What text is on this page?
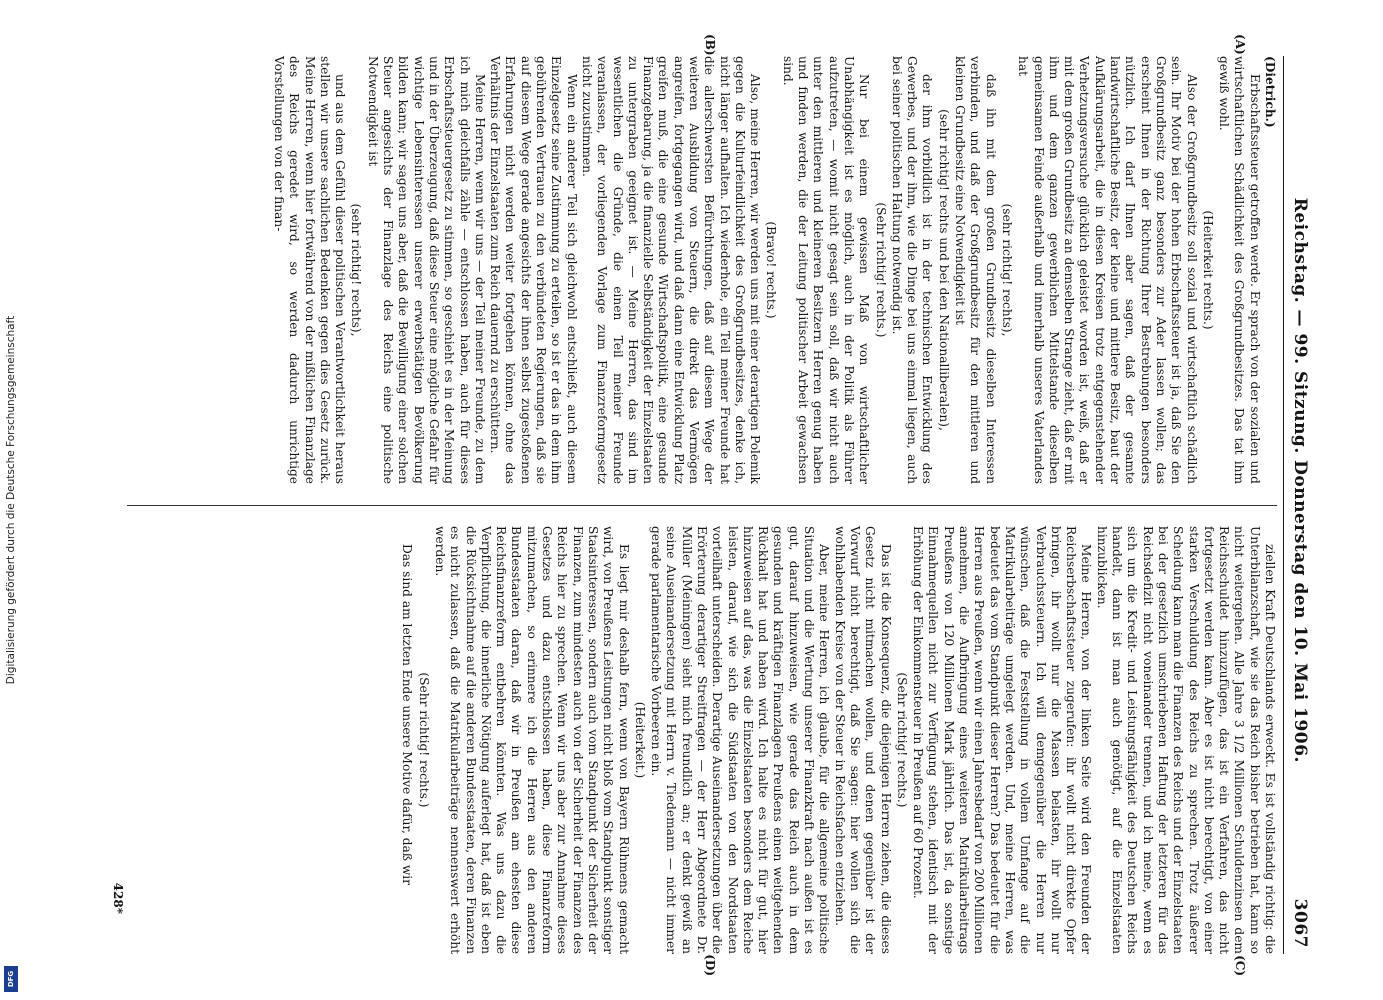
Digitalisierung gefördert durch die Deutsche Forschungsgemeinschaft
DFG
Reichstag. — 99. Sitzung. Donnerstag den 10. Mai 1906.
3067
(A)
(B)

(Dietrich.)

Erbschaftssteuer getroffen werde. Er sprach von der sozialen und wirtschaftlichen Schädlichkeit des Großgrundbesitzes. Das tat ihm gewiß wohl.

(Heiterkeit rechts.)

Also der Großgrundbesitz soll sozial und wirtschaftlich schädlich sein. Ihr Motiv bei der hohen Erbschaftssteuer ist ja, daß Sie den Großgrundbesitz ganz besonders zur Ader lassen wollen; das erscheint Ihnen in der Richtung Ihrer Bestrebungen besonders nützlich. Ich darf Ihnen aber sagen, daß der gesamte landwirtschaftliche Besitz, der kleine und mittlere Besitz, baut der Aufklärungsarbeit, die in diesen Kreisen trotz entgegenstehender Verhetzungsversuche glücklich geleistet worden ist, weiß, daß er mit dem großen Grundbesitz an demselben Strange zieht, daß er mit ihm und dem ganzen gewerblichen Mittelstande dieselben gemeinsamen Feinde außerhalb und innerhalb unseres Vaterlandes hat

(sehr richtig! rechts),

daß ihn mit dem großen Grundbesitz dieselben Interessen verbinden, und daß der Großgrundbesitz für den mittleren und kleinen Grundbesitz eine Notwendigkeit ist

(sehr richtig! rechts und bei den Nationalliberalen),

der ihm vorbildlich ist in der technischen Entwicklung des Gewerbes, und der ihm, wie die Dinge bei uns einmal liegen, auch bei seiner politischen Haltung notwendig ist.

(Sehr richtig! rechts.)

Nur bei einem gewissen Maß von wirtschaftlicher Unabhängigkeit ist es möglich, auch in der Politik als Führer aufzutreten, — womit nicht gesagt sein soll, daß wir nicht auch unter den mittleren und kleineren Besitzern Herren genug haben und finden werden, die der Leitung politischer Arbeit gewachsen sind.

(Bravo! rechts.)

Also, meine Herren, wir werden uns mit einer derartigen Polemik gegen die Kulturfeindlichkeit des Großgrundbesitzes, denke ich, nicht länger aufhalten. Ich wiederhole, ein Teil meiner Freunde hat die allerschwersten Befürchtungen, daß auf diesem Wege der weiteren Ausbildung von Steuern, die direkt das Vermögen angreifen, fortgegangen wird, und daß dann eine Entwicklung Platz greifen muß, die eine gesunde Wirtschaftspolitik, eine gesunde Finanzgebarung, ja die finanzielle Selbständigkeit der Einzelstaaten zu untergraben geeignet ist. — Meine Herren, das sind im wesentlichen die Gründe, die einen Teil meiner Freunde veranlassen, der vorliegenden Vorlage zum Finanzreformgesetz nicht zuzustimmen.

Wenn ein anderer Teil sich gleichwohl entschließt, auch diesem Einzelgesetz seine Zustimmung zu erteilen, so ist er das in dem ihm gebührenden Vertrauen zu den verbündeten Regierungen, daß sie auf diesem Wege gerade angesichts der ihnen selbst zugestoßenen Erfahrungen nicht werden weiter fortgehen können, ohne das Verhältnis der Einzelstaaten zum Reich dauernd zu erschüttern.

Meine Herren, wenn wir uns — der Teil meiner Freunde, zu dem ich mich gleichfalls zähle — entschlossen haben, auch für dieses Erbschaftssteuergesetz zu stimmen, so geschieht es in der Meinung und in der Überzeugung, daß diese Steuer eine mögliche Gefahr für wichtige Lebensinteressen unserer erwerbstätigen Bevölkerung bilden kann; wir sagen uns aber, daß die Bewilligung einer solchen Steuer angesichts der Finanzlage des Reichs eine politische Notwendigkeit ist

(sehr richtig! rechts),

und aus dem Gefühl dieser politischen Verantwortlichkeit heraus stellen wir unsere sachlichen Bedenken gegen dies Gesetz zurück. Meine Herren, wenn hier fortwährend von der mißlichen Finanzlage des Reichs geredet wird, so werden dadurch unrichtige Vorstellungen von der finan-

(C)
(D)

ziellen Kraft Deutschlands erweckt. Es ist vollständig richtig: die Unterbilanzschaft, wie sie das Reich bisher betrieben hat, kann so nicht weitergehen. Alle Jahre 3 1/2 Millionen Schuldenzinsen dem Reichsschuldet hinzuzufügen, das ist ein Verfahren, das nicht fortgesetzt werden kann. Aber es ist nicht berechtigt, von einer starken Verschuldung des Reichs zu sprechen. Trotz äußerer Scheidung kann man die Finanzen des Reichs und der Einzelstaaten bei der gesetzlich umschriebenen Haftung der letzteren für das Reichsdefizit nicht voneinander trennen, und ich meine, wenn es sich um die Kredit- und Leistungsfähigkeit des Deutschen Reichs handelt, dann ist man auch genötigt, auf die Einzelstaaten hinzublicken.

Meine Herren, von der linken Seite wird den Freunden der Reichserbschaftssteuer zugerufen: ihr wollt nicht direkte Opfer bringen, ihr wollt nur die Massen belasten, ihr wollt nur Verbrauchssteuern. Ich will demgegenüber die Herren nur wünschen, daß die Feststellung in vollem Umfange auf die Matrikularbeiträge umgelegt werden. Und, meine Herren, was bedeutet das vom Standpunkt dieser Herren? Das bedeutet für die Herren aus Preußen, wenn wir einen Jahresbedarf von 200 Millionen annehmen, die Aufbringung eines weiteren Matrikularbeitrags Preußens von 120 Millionen Mark jährlich. Das ist, da sonstige Einnahmequellen nicht zur Verfügung stehen, identisch mit der Erhöhung der Einkommensteuer in Preußen auf 60 Prozent.

(Sehr richtig! rechts.)

Das ist die Konsequenz, die diejenigen Herren ziehen, die dieses Gesetz nicht mitmachen wollen, und denen gegenüber ist der Vorwurf nicht berechtigt, daß Sie sagen: hier wollen sich die wohlhabenden Kreise von der Steuer in Reichsfachen entziehen.

Aber, meine Herren, ich glaube, für die allgemeine politische Situation und die Wertung unserer Finanzkraft nach außen ist es gut, darauf hinzuweisen, wie gerade das Reich auch in dem gesunden und kräftigen Finanzlagen Preußens einen weitgehenden Rückhalt hat und haben wird. Ich halte es nicht für gut, hier hinzuweisen auf das, was die Einzelstaaten besonders dem Reiche leisten, darauf, wie sich die Südstaaten von den Nordstaaten vorteilhaft unterscheiden. Derartige Auseinandersetzungen über die Erörterung derartiger Streitfragen — der Herr Abgeordnete Dr. Müller (Meiningen) sieht mich freundlich an; er denkt gewiß an seine Auseinandersetzung mit Herrn v. Tiedemann — nicht immer gerade parlamentarische Vorbeeren ein.

(Heiterkeit.)

Es liegt mir deshalb fern, wenn von Bayern Rühmens gemacht wird, von Preußens Leistungen nicht bloß vom Standpunkt sonstiger Staatsinteressen, sondern auch vom Standpunkt der Sicherheit der Finanzen, zum mindesten auch von der Sicherheit der Finanzen des Reichs hier zu sprechen. Wenn wir uns aber zur Annahme dieses Gesetzes und dazu entschlossen haben, diese Finanzreform mitzumachen, so erinnere ich die Herren aus den anderen Bundesstaaten daran, daß wir in Preußen am ehesten diese Reichsfinanzreform entbehren könnten. Was uns dazu die Verpflichtung, die innerliche Nötigung auferlegt hat, daß ist eben die Rücksichtnahme auf die anderen Bundesstaaten, deren Finanzen es nicht zulassen, daß die Matrikularbeiträge nennenswert erhöht werden.

(Sehr richtig! rechts.)

Das sind am letzten Ende unsere Motive dafür, daß wir

428*
